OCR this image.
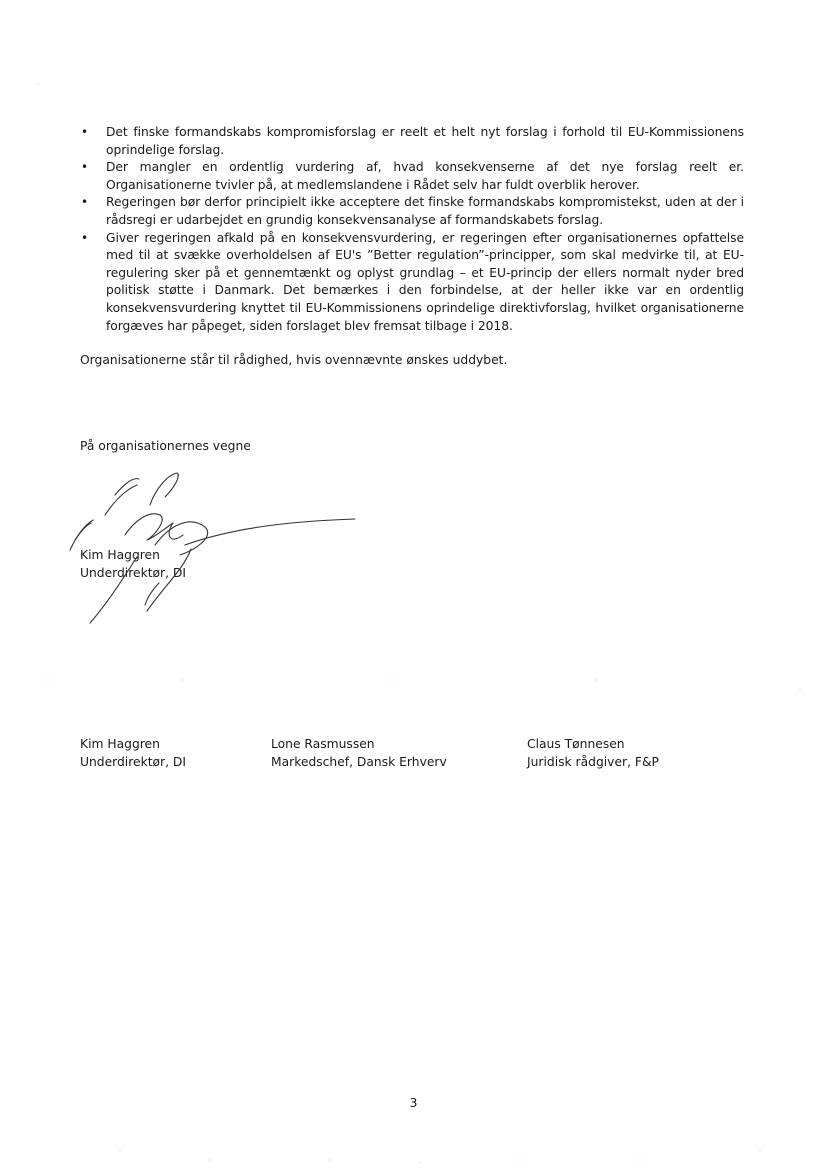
• Det finske formandskabs kompromisforslag er reelt et helt nyt forslag i forhold til EU-Kommissionens oprindelige forslag.
• Der mangler en ordentlig vurdering af, hvad konsekvenserne af det nye forslag reelt er. Organisationerne tvivler på, at medlemslandene i Rådet selv har fuldt overblik herover.
• Regeringen bør derfor principielt ikke acceptere det finske formandskabs kompromistekst, uden at der i rådsregi er udarbejdet en grundig konsekvensanalyse af formandskabets forslag.
• Giver regeringen afkald på en konsekvensvurdering, er regeringen efter organisationernes opfattelse med til at svække overholdelsen af EU's ”Better regulation”-principper, som skal medvirke til, at EU-regulering sker på et gennemtænkt og oplyst grundlag – et EU-princip der ellers normalt nyder bred politisk støtte i Danmark. Det bemærkes i den forbindelse, at der heller ikke var en ordentlig konsekvensvurdering knyttet til EU-Kommissionens oprindelige direktivforslag, hvilket organisationerne forgæves har påpeget, siden forslaget blev fremsat tilbage i 2018.

Organisationerne står til rådighed, hvis ovennævnte ønskes uddybet.

På organisationernes vegne

Kim Haggren
Underdirektør, DI
Kim Haggren
Underdirektør, DI
Lone Rasmussen
Markedschef, Dansk Erhverv
Claus Tønnesen
Juridisk rådgiver, F&P
3
